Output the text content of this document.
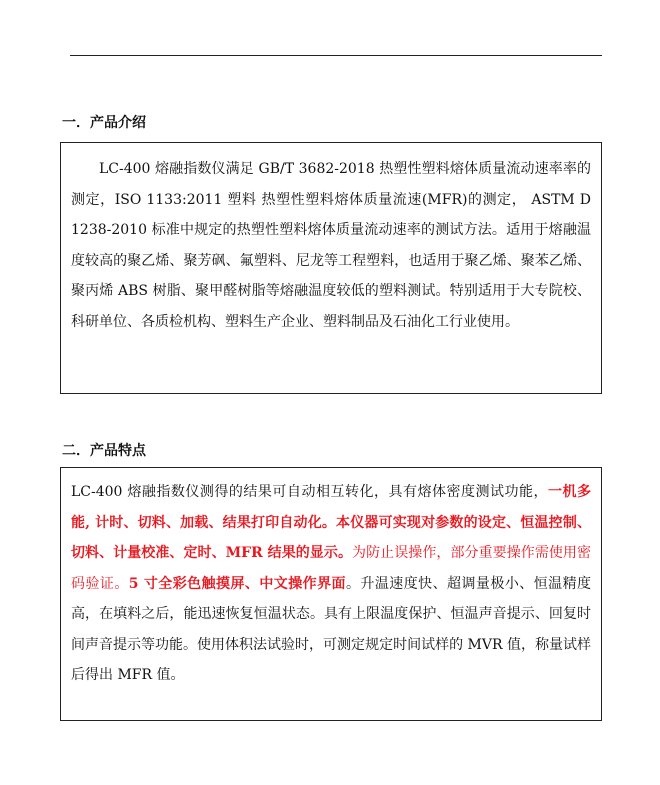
一．产品介绍

LC-400 熔融指数仪满足 GB/T 3682-2018 热塑性塑料熔体质量流动速率率的测定，ISO 1133:2011 塑料 热塑性塑料熔体质量流速(MFR)的测定， ASTM D 1238-2010 标准中规定的热塑性塑料熔体质量流动速率的测试方法。适用于熔融温度较高的聚乙烯、聚芳砜、氟塑料、尼龙等工程塑料，也适用于聚乙烯、聚苯乙烯、聚丙烯 ABS 树脂、聚甲醛树脂等熔融温度较低的塑料测试。特别适用于大专院校、科研单位、各质检机构、塑料生产企业、塑料制品及石油化工行业使用。

二．产品特点

LC-400 熔融指数仪测得的结果可自动相互转化，具有熔体密度测试功能，一机多能, 计时、切料、加载、结果打印自动化。本仪器可实现对参数的设定、恒温控制、切料、计量校准、定时、MFR 结果的显示。为防止误操作，部分重要操作需使用密码验证。5 寸全彩色触摸屏、中文操作界面。升温速度快、超调量极小、恒温精度高，在填料之后，能迅速恢复恒温状态。具有上限温度保护、恒温声音提示、回复时间声音提示等功能。使用体积法试验时，可测定规定时间试样的 MVR 值，称量试样后得出 MFR 值。
